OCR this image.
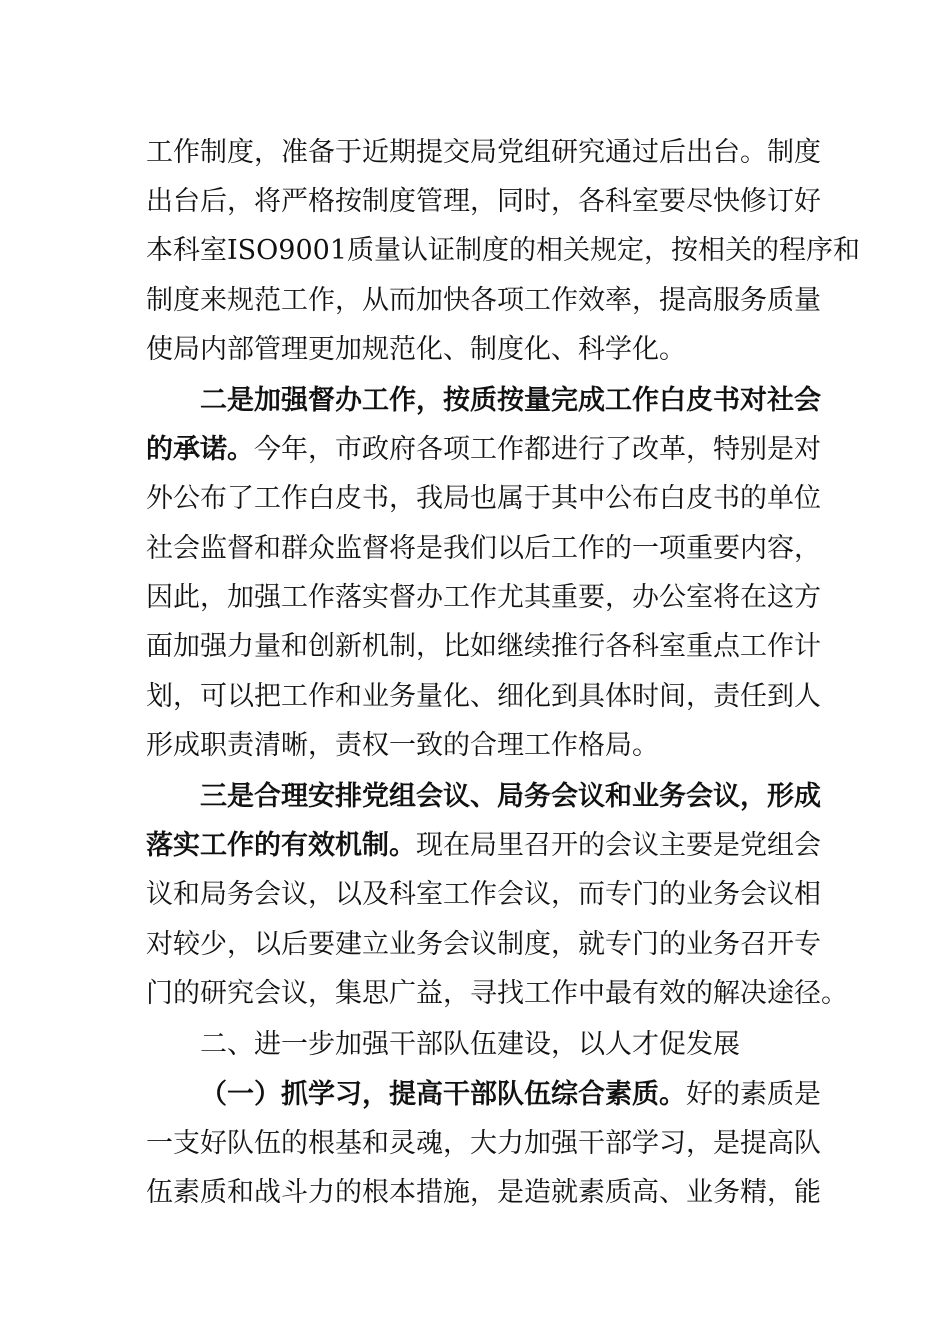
工作制度，准备于近期提交局党组研究通过后出台。制度
出台后，将严格按制度管理，同时，各科室要尽快修订好
本科室ISO9001质量认证制度的相关规定，按相关的程序和
制度来规范工作，从而加快各项工作效率，提高服务质量
使局内部管理更加规范化、制度化、科学化。
二是加强督办工作，按质按量完成工作白皮书对社会
的承诺。今年，市政府各项工作都进行了改革，特别是对
外公布了工作白皮书，我局也属于其中公布白皮书的单位
社会监督和群众监督将是我们以后工作的一项重要内容，
因此，加强工作落实督办工作尤其重要，办公室将在这方
面加强力量和创新机制，比如继续推行各科室重点工作计
划，可以把工作和业务量化、细化到具体时间，责任到人
形成职责清晰，责权一致的合理工作格局。
三是合理安排党组会议、局务会议和业务会议，形成
落实工作的有效机制。现在局里召开的会议主要是党组会
议和局务会议，以及科室工作会议，而专门的业务会议相
对较少，以后要建立业务会议制度，就专门的业务召开专
门的研究会议，集思广益，寻找工作中最有效的解决途径。
二、进一步加强干部队伍建设，以人才促发展
（一）抓学习，提高干部队伍综合素质。好的素质是
一支好队伍的根基和灵魂，大力加强干部学习，是提高队
伍素质和战斗力的根本措施，是造就素质高、业务精，能
